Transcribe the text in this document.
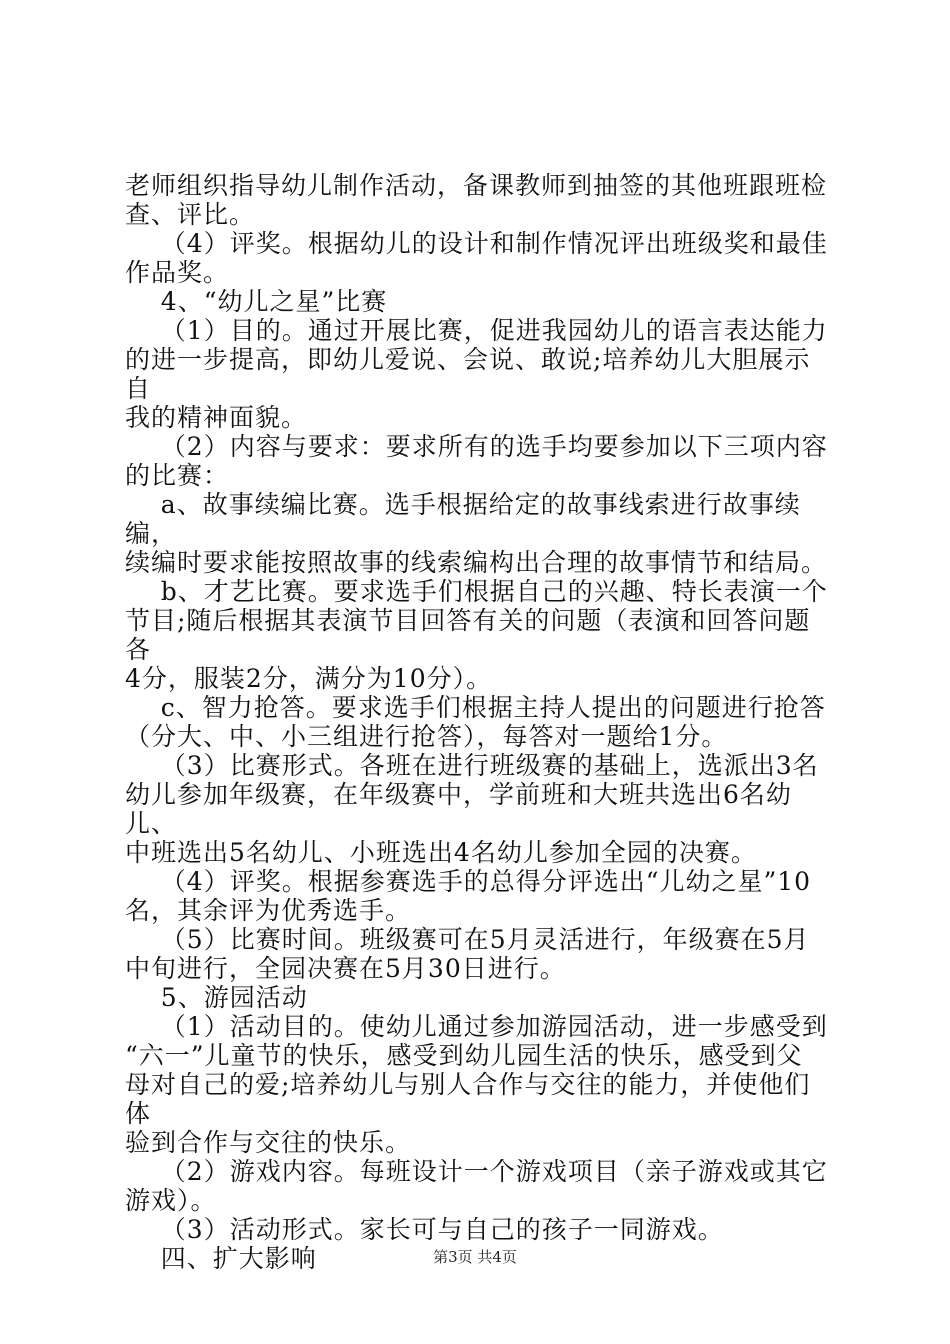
老师组织指导幼儿制作活动，备课教师到抽签的其他班跟班检

查、评比。

（4）评奖。根据幼儿的设计和制作情况评出班级奖和最佳

作品奖。

4、“幼儿之星”比赛

（1）目的。通过开展比赛，促进我园幼儿的语言表达能力

的进一步提高，即幼儿爱说、会说、敢说;培养幼儿大胆展示自

我的精神面貌。

（2）内容与要求：要求所有的选手均要参加以下三项内容

的比赛：

a、故事续编比赛。选手根据给定的故事线索进行故事续编，

续编时要求能按照故事的线索编构出合理的故事情节和结局。

b、才艺比赛。要求选手们根据自己的兴趣、特长表演一个

节目;随后根据其表演节目回答有关的问题（表演和回答问题各

4分，服装2分，满分为10分）。

c、智力抢答。要求选手们根据主持人提出的问题进行抢答

（分大、中、小三组进行抢答），每答对一题给1分。

（3）比赛形式。各班在进行班级赛的基础上，选派出3名

幼儿参加年级赛，在年级赛中，学前班和大班共选出6名幼儿、

中班选出5名幼儿、小班选出4名幼儿参加全园的决赛。

（4）评奖。根据参赛选手的总得分评选出“儿幼之星”10

名，其余评为优秀选手。

（5）比赛时间。班级赛可在5月灵活进行，年级赛在5月

中旬进行，全园决赛在5月30日进行。

5、游园活动

（1）活动目的。使幼儿通过参加游园活动，进一步感受到

“六一”儿童节的快乐，感受到幼儿园生活的快乐，感受到父

母对自己的爱;培养幼儿与别人合作与交往的能力，并使他们体

验到合作与交往的快乐。

（2）游戏内容。每班设计一个游戏项目（亲子游戏或其它

游戏）。

（3）活动形式。家长可与自己的孩子一同游戏。

四、扩大影响	第3页 共4页
